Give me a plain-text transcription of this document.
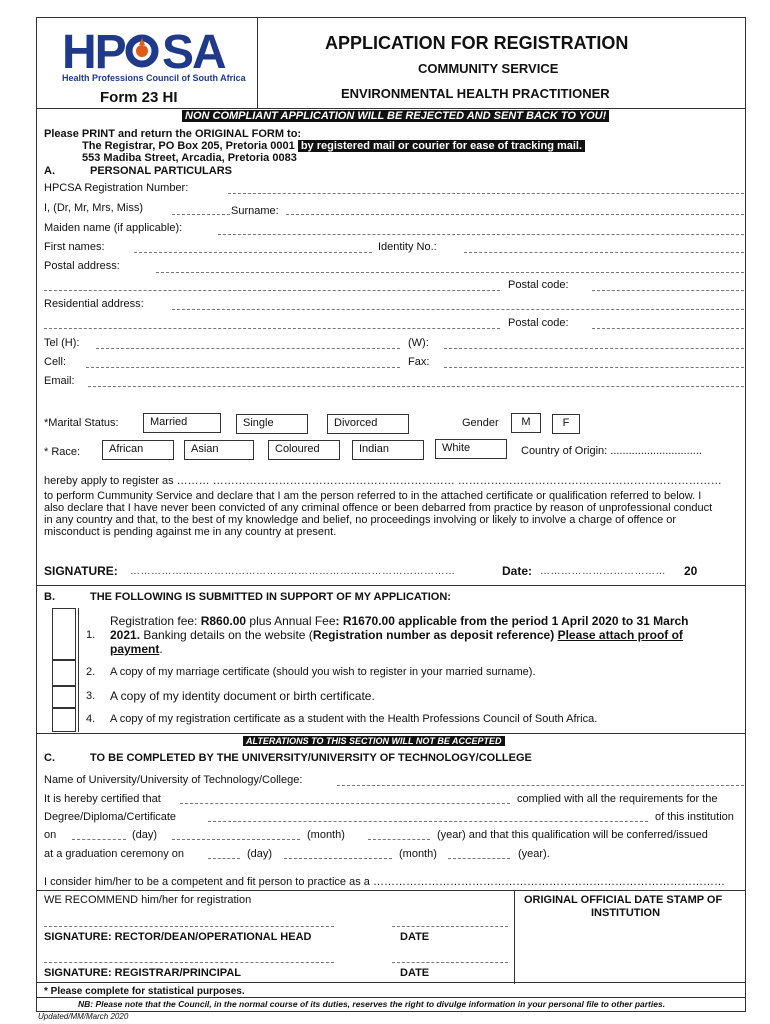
HP SA
Health Professions Council of South Africa
Form 23 HI
APPLICATION FOR REGISTRATION
COMMUNITY SERVICE
ENVIRONMENTAL HEALTH PRACTITIONER
NON COMPLIANT APPLICATION WILL BE REJECTED AND SENT BACK TO YOU!
Please PRINT and return the ORIGINAL FORM to:
The Registrar, PO Box 205, Pretoria 0001 by registered mail or courier for ease of tracking mail.
553 Madiba Street, Arcadia, Pretoria 0083
A.	PERSONAL PARTICULARS
HPCSA Registration Number:
I, (Dr, Mr, Mrs, Miss)	Surname:
Maiden name (if applicable):
First names:	Identity No.:
Postal address:
Postal code:
Residential address:
Postal code:
Tel (H):	(W):
Cell:	Fax:
Email:
*Marital Status:	Married	Single	Divorced	Gender	M	F
* Race:	African	Asian	Coloured	Indian	White	Country of Origin: ..............................
hereby apply to register as ……… ………………………………………………………… ………………………………………………………………
to perform Cummunity Service and declare that I am the person referred to in the attached certificate or qualification referred to below. I
also declare that I have never been convicted of any criminal offence or been debarred from practice by reason of unprofessional conduct
in any country and that, to the best of my knowledge and belief, no proceedings involving or likely to involve a charge of offence or
misconduct is pending against me in any country at present.
SIGNATURE: …………………………………………………………………………………	Date: ……………………………… 20
B.	THE FOLLOWING IS SUBMITTED IN SUPPORT OF MY APPLICATION:
1.
Registration fee: R860.00 plus Annual Fee: R1670.00 applicable from the period 1 April 2020 to 31 March
2021. Banking details on the website (Registration number as deposit reference) Please attach proof of
payment.
2. A copy of my marriage certificate (should you wish to register in your married surname).
3. A copy of my identity document or birth certificate.
4. A copy of my registration certificate as a student with the Health Professions Council of South Africa.
ALTERATIONS TO THIS SECTION WILL NOT BE ACCEPTED
C.	TO BE COMPLETED BY THE UNIVERSITY/UNIVERSITY OF TECHNOLOGY/COLLEGE
Name of University/University of Technology/College:
It is hereby certified that	complied with all the requirements for the
Degree/Diploma/Certificate	of this institution
on	(day)	(month)	(year) and that this qualification will be conferred/issued
at a graduation ceremony on	(day)	(month)	(year).
I consider him/her to be a competent and fit person to practice as a ……………………………………………………………………………………
WE RECOMMEND him/her for registration	ORIGINAL OFFICIAL DATE STAMP OF
INSTITUTION
SIGNATURE: RECTOR/DEAN/OPERATIONAL HEAD	DATE
SIGNATURE: REGISTRAR/PRINCIPAL	DATE
* Please complete for statistical purposes.
NB: Please note that the Council, in the normal course of its duties, reserves the right to divulge information in your personal file to other parties.
Updated/MM/March 2020
